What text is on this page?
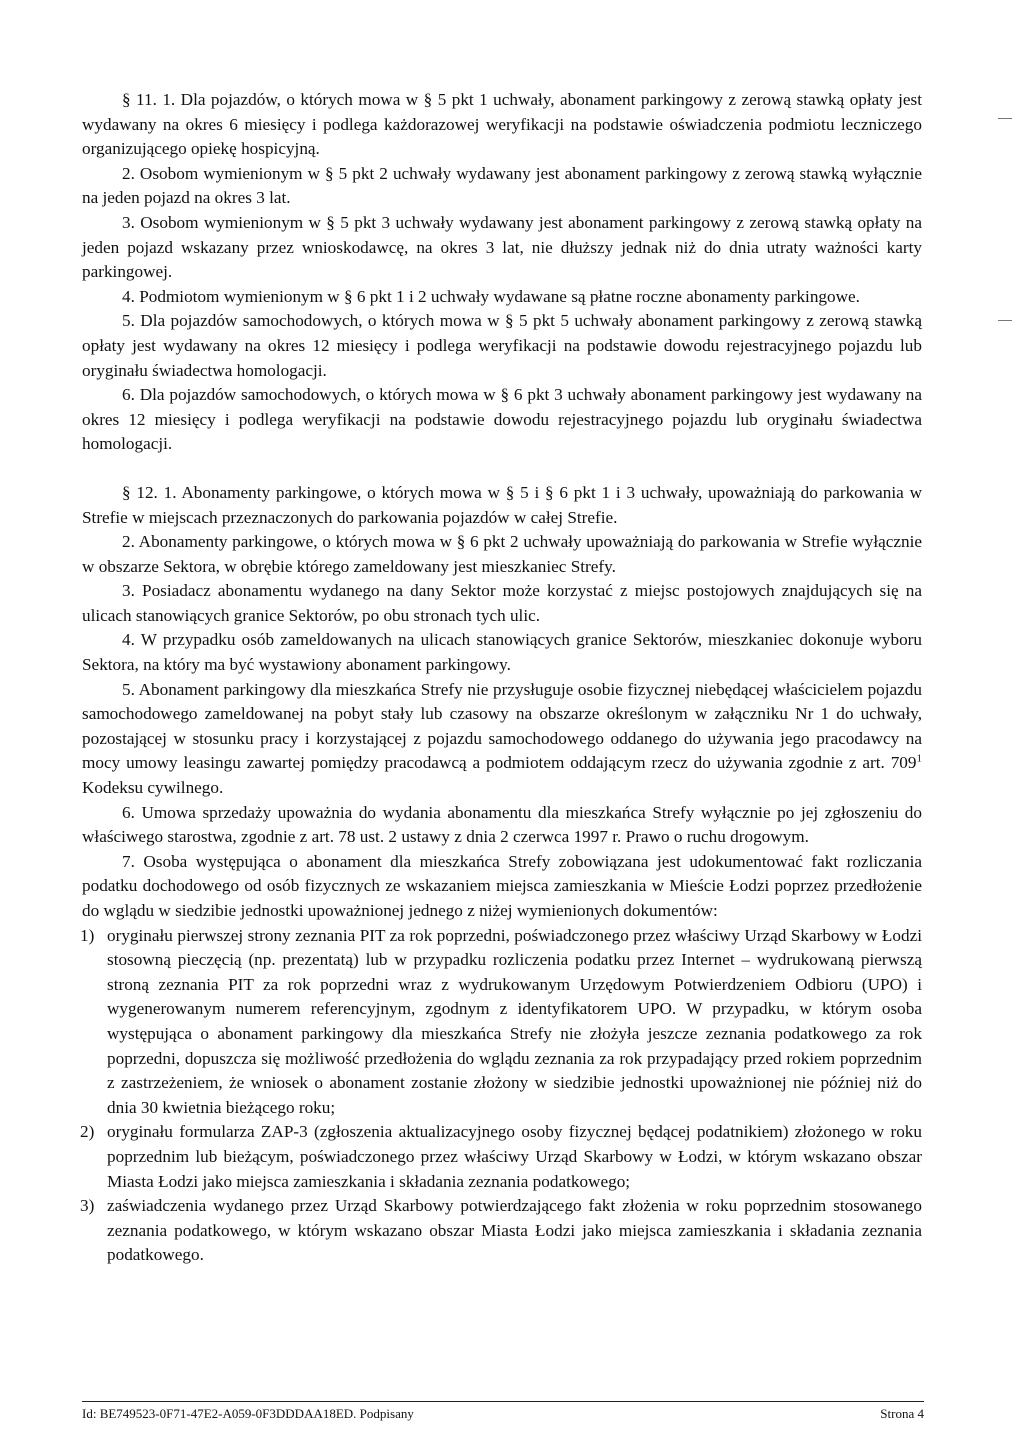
§ 11. 1. Dla pojazdów, o których mowa w § 5 pkt 1 uchwały, abonament parkingowy z zerową stawką opłaty jest wydawany na okres 6 miesięcy i podlega każdorazowej weryfikacji na podstawie oświadczenia podmiotu leczniczego organizującego opiekę hospicyjną.

2. Osobom wymienionym w § 5 pkt 2 uchwały wydawany jest abonament parkingowy z zerową stawką wyłącznie na jeden pojazd na okres 3 lat.

3. Osobom wymienionym w § 5 pkt 3 uchwały wydawany jest abonament parkingowy z zerową stawką opłaty na jeden pojazd wskazany przez wnioskodawcę, na okres 3 lat, nie dłuższy jednak niż do dnia utraty ważności karty parkingowej.

4. Podmiotom wymienionym w § 6 pkt 1 i 2 uchwały wydawane są płatne roczne abonamenty parkingowe.

5. Dla pojazdów samochodowych, o których mowa w § 5 pkt 5 uchwały abonament parkingowy z zerową stawką opłaty jest wydawany na okres 12 miesięcy i podlega weryfikacji na podstawie dowodu rejestracyjnego pojazdu lub oryginału świadectwa homologacji.

6. Dla pojazdów samochodowych, o których mowa w § 6 pkt 3 uchwały abonament parkingowy jest wydawany na okres 12 miesięcy i podlega weryfikacji na podstawie dowodu rejestracyjnego pojazdu lub oryginału świadectwa homologacji.

§ 12. 1. Abonamenty parkingowe, o których mowa w § 5 i § 6 pkt 1 i 3 uchwały, upoważniają do parkowania w Strefie w miejscach przeznaczonych do parkowania pojazdów w całej Strefie.

2. Abonamenty parkingowe, o których mowa w § 6 pkt 2 uchwały upoważniają do parkowania w Strefie wyłącznie w obszarze Sektora, w obrębie którego zameldowany jest mieszkaniec Strefy.

3. Posiadacz abonamentu wydanego na dany Sektor może korzystać z miejsc postojowych znajdujących się na ulicach stanowiących granice Sektorów, po obu stronach tych ulic.

4. W przypadku osób zameldowanych na ulicach stanowiących granice Sektorów, mieszkaniec dokonuje wyboru Sektora, na który ma być wystawiony abonament parkingowy.

5. Abonament parkingowy dla mieszkańca Strefy nie przysługuje osobie fizycznej niebędącej właścicielem pojazdu samochodowego zameldowanej na pobyt stały lub czasowy na obszarze określonym w załączniku Nr 1 do uchwały, pozostającej w stosunku pracy i korzystającej z pojazdu samochodowego oddanego do używania jego pracodawcy na mocy umowy leasingu zawartej pomiędzy pracodawcą a podmiotem oddającym rzecz do używania zgodnie z art. $709^1$ Kodeksu cywilnego.

6. Umowa sprzedaży upoważnia do wydania abonamentu dla mieszkańca Strefy wyłącznie po jej zgłoszeniu do właściwego starostwa, zgodnie z art. 78 ust. 2 ustawy z dnia 2 czerwca 1997 r. Prawo o ruchu drogowym.

7. Osoba występująca o abonament dla mieszkańca Strefy zobowiązana jest udokumentować fakt rozliczania podatku dochodowego od osób fizycznych ze wskazaniem miejsca zamieszkania w Mieście Łodzi poprzez przedłożenie do wglądu w siedzibie jednostki upoważnionej jednego z niżej wymienionych dokumentów:

1) oryginału pierwszej strony zeznania PIT za rok poprzedni, poświadczonego przez właściwy Urząd Skarbowy w Łodzi stosowną pieczęcią (np. prezentatą) lub w przypadku rozliczenia podatku przez Internet – wydrukowaną pierwszą stroną zeznania PIT za rok poprzedni wraz z wydrukowanym Urzędowym Potwierdzeniem Odbioru (UPO) i wygenerowanym numerem referencyjnym, zgodnym z identyfikatorem UPO. W przypadku, w którym osoba występująca o abonament parkingowy dla mieszkańca Strefy nie złożyła jeszcze zeznania podatkowego za rok poprzedni, dopuszcza się możliwość przedłożenia do wglądu zeznania za rok przypadający przed rokiem poprzednim z zastrzeżeniem, że wniosek o abonament zostanie złożony w siedzibie jednostki upoważnionej nie później niż do dnia 30 kwietnia bieżącego roku;
2) oryginału formularza ZAP-3 (zgłoszenia aktualizacyjnego osoby fizycznej będącej podatnikiem) złożonego w roku poprzednim lub bieżącym, poświadczonego przez właściwy Urząd Skarbowy w Łodzi, w którym wskazano obszar Miasta Łodzi jako miejsca zamieszkania i składania zeznania podatkowego;
3) zaświadczenia wydanego przez Urząd Skarbowy potwierdzającego fakt złożenia w roku poprzednim stosowanego zeznania podatkowego, w którym wskazano obszar Miasta Łodzi jako miejsca zamieszkania i składania zeznania podatkowego.
Id: BE749523-0F71-47E2-A059-0F3DDDAA18ED. Podpisany	Strona 4
